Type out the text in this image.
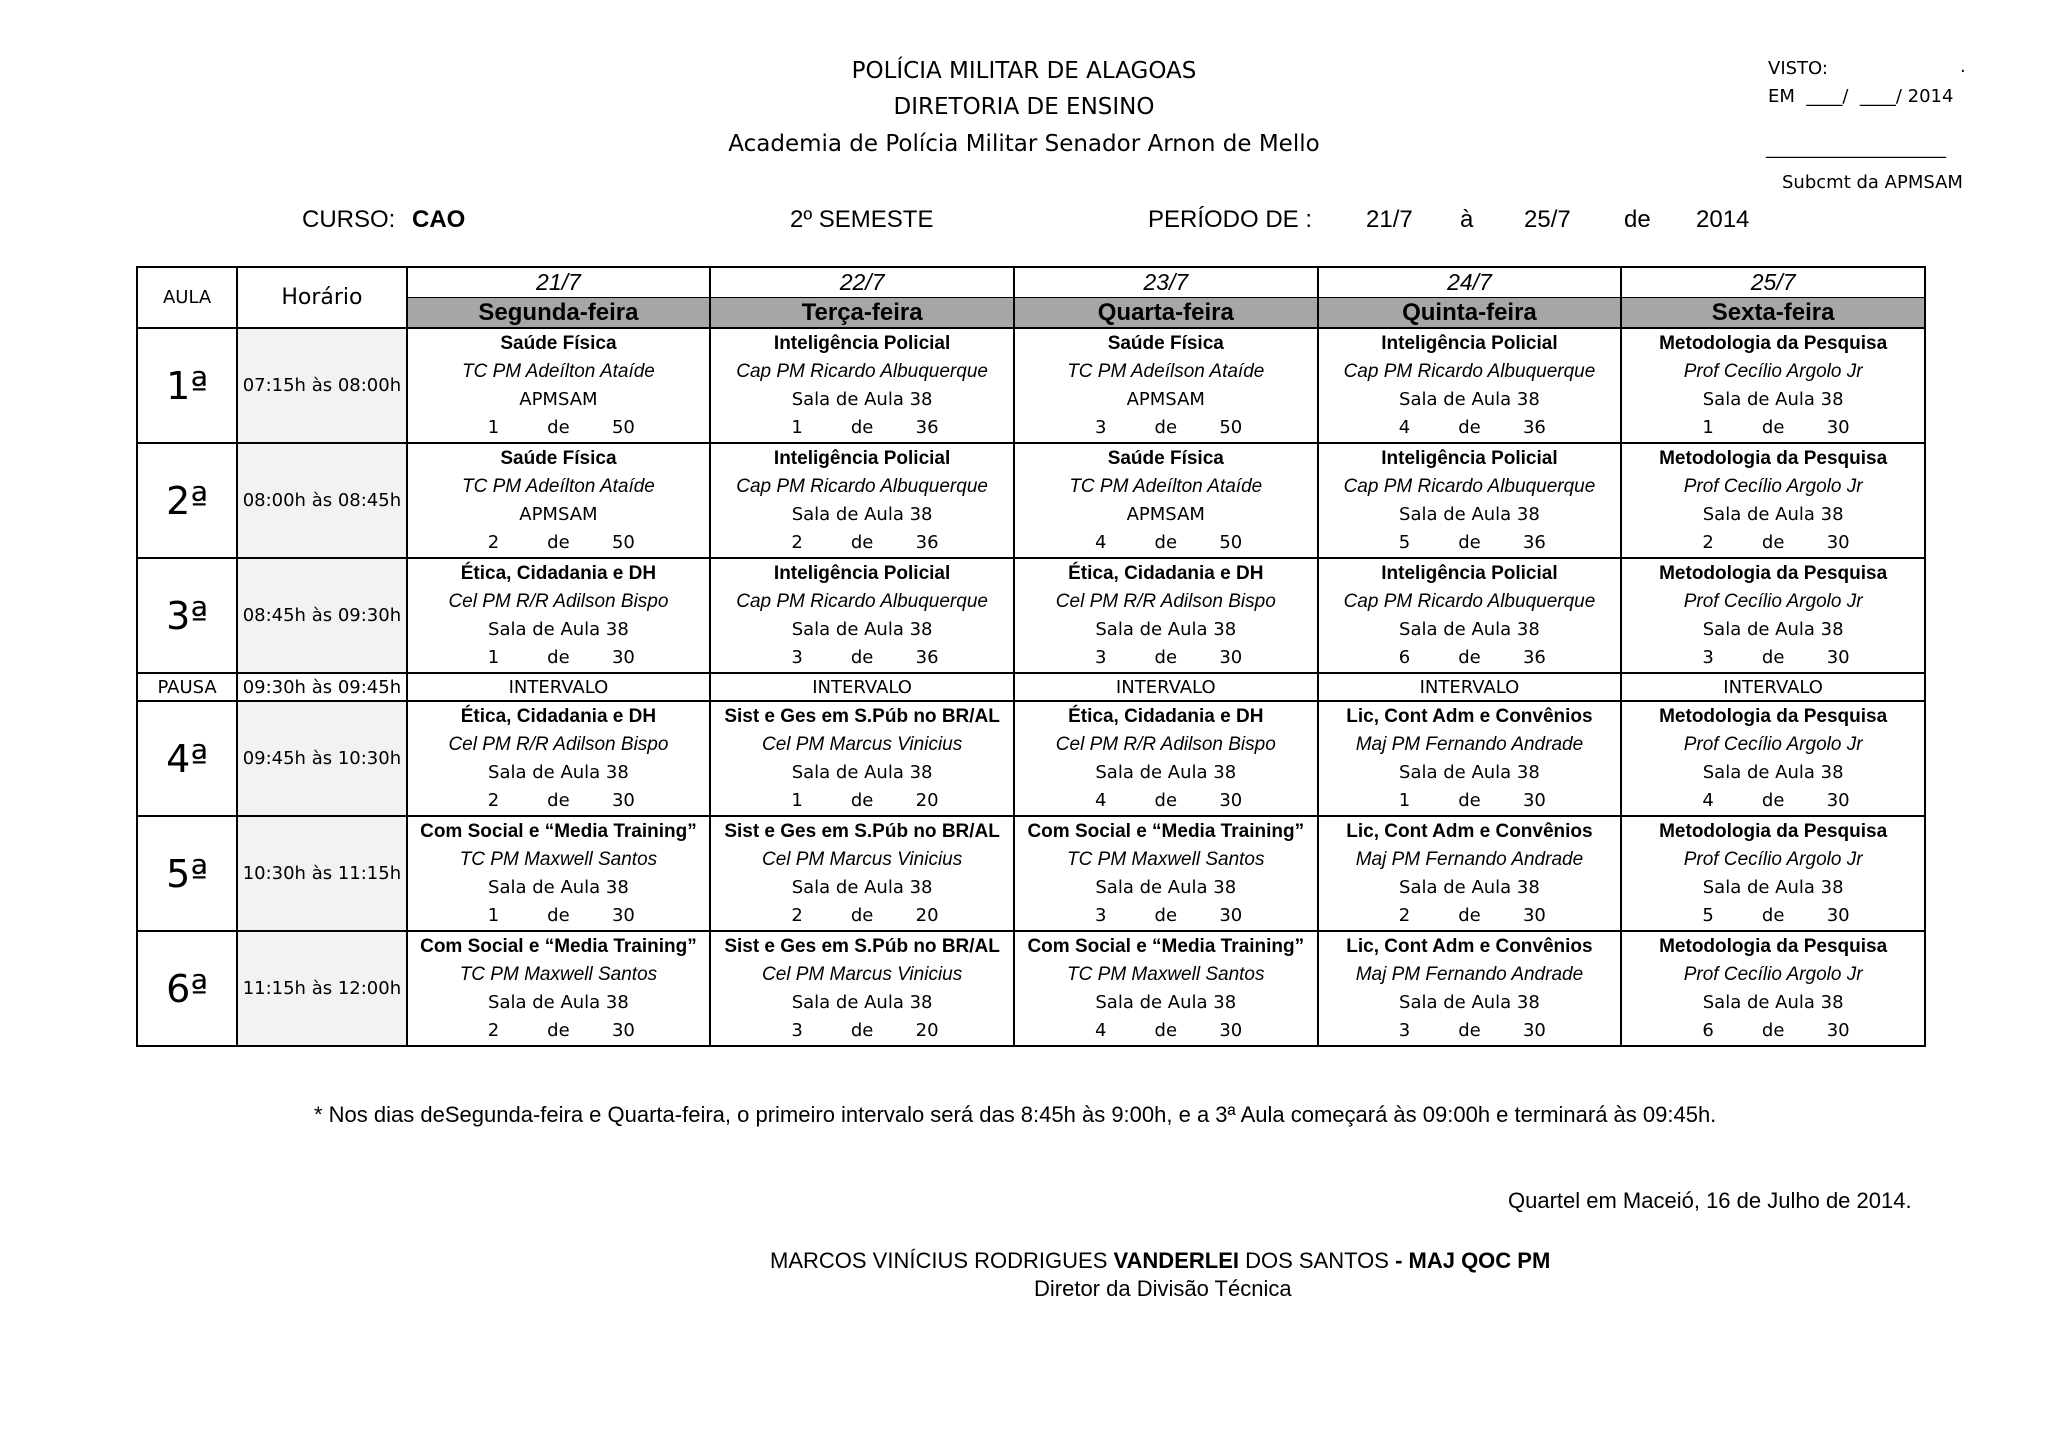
POLÍCIA MILITAR DE ALAGOAS
DIRETORIA DE ENSINO
Academia de Polícia Militar Senador Arnon de Mello
VISTO:	.
EM  ____/  ____/ 2014
____________________
Subcmt da APMSAM
CURSO: CAO	2º SEMESTE	PERÍODO DE : 21/7 à 25/7 de 2014
AULA	Horário	21/7	22/7	23/7	24/7	25/7
		Segunda-feira	Terça-feira	Quarta-feira	Quinta-feira	Sexta-feira
1ª	07:15h às 08:00h	Saúde Física
TC PM Adeílton Ataíde
APMSAM
1 de 50	Inteligência Policial
Cap PM Ricardo Albuquerque
Sala de Aula 38
1 de 36	Saúde Física
TC PM Adeílson Ataíde
APMSAM
3 de 50	Inteligência Policial
Cap PM Ricardo Albuquerque
Sala de Aula 38
4 de 36	Metodologia da Pesquisa
Prof Cecílio Argolo Jr
Sala de Aula 38
1 de 30

2ª	08:00h às 08:45h	Saúde Física
TC PM Adeílton Ataíde
APMSAM
2 de 50	Inteligência Policial
Cap PM Ricardo Albuquerque
Sala de Aula 38
2 de 36	Saúde Física
TC PM Adeílton Ataíde
APMSAM
4 de 50	Inteligência Policial
Cap PM Ricardo Albuquerque
Sala de Aula 38
5 de 36	Metodologia da Pesquisa
Prof Cecílio Argolo Jr
Sala de Aula 38
2 de 30

3ª	08:45h às 09:30h	Ética, Cidadania e DH
Cel PM R/R Adilson Bispo
Sala de Aula 38
1 de 30	Inteligência Policial
Cap PM Ricardo Albuquerque
Sala de Aula 38
3 de 36	Ética, Cidadania e DH
Cel PM R/R Adilson Bispo
Sala de Aula 38
3 de 30	Inteligência Policial
Cap PM Ricardo Albuquerque
Sala de Aula 38
6 de 36	Metodologia da Pesquisa
Prof Cecílio Argolo Jr
Sala de Aula 38
3 de 30

PAUSA	09:30h às 09:45h	INTERVALO	INTERVALO	INTERVALO	INTERVALO	INTERVALO
4ª	09:45h às 10:30h	Ética, Cidadania e DH
Cel PM R/R Adilson Bispo
Sala de Aula 38
2 de 30	Sist e Ges em S.Púb no BR/AL
Cel PM Marcus Vinicius
Sala de Aula 38
1 de 20	Ética, Cidadania e DH
Cel PM R/R Adilson Bispo
Sala de Aula 38
4 de 30	Lic, Cont Adm e Convênios
Maj PM Fernando Andrade
Sala de Aula 38
1 de 30	Metodologia da Pesquisa
Prof Cecílio Argolo Jr
Sala de Aula 38
4 de 30

5ª	10:30h às 11:15h	Com Social e “Media Training”
TC PM Maxwell Santos
Sala de Aula 38
1 de 30	Sist e Ges em S.Púb no BR/AL
Cel PM Marcus Vinicius
Sala de Aula 38
2 de 20	Com Social e “Media Training”
TC PM Maxwell Santos
Sala de Aula 38
3 de 30	Lic, Cont Adm e Convênios
Maj PM Fernando Andrade
Sala de Aula 38
2 de 30	Metodologia da Pesquisa
Prof Cecílio Argolo Jr
Sala de Aula 38
5 de 30

6ª	11:15h às 12:00h	Com Social e “Media Training”
TC PM Maxwell Santos
Sala de Aula 38
2 de 30	Sist e Ges em S.Púb no BR/AL
Cel PM Marcus Vinicius
Sala de Aula 38
3 de 20	Com Social e “Media Training”
TC PM Maxwell Santos
Sala de Aula 38
4 de 30	Lic, Cont Adm e Convênios
Maj PM Fernando Andrade
Sala de Aula 38
3 de 30	Metodologia da Pesquisa
Prof Cecílio Argolo Jr
Sala de Aula 38
6 de 30
* Nos dias deSegunda-feira e Quarta-feira, o primeiro intervalo será das 8:45h às 9:00h, e a 3ª Aula começará às 09:00h e terminará às 09:45h.
Quartel em Maceió, 16 de Julho de 2014.
MARCOS VINÍCIUS RODRIGUES VANDERLEI DOS SANTOS - MAJ QOC PM
Diretor da Divisão Técnica
